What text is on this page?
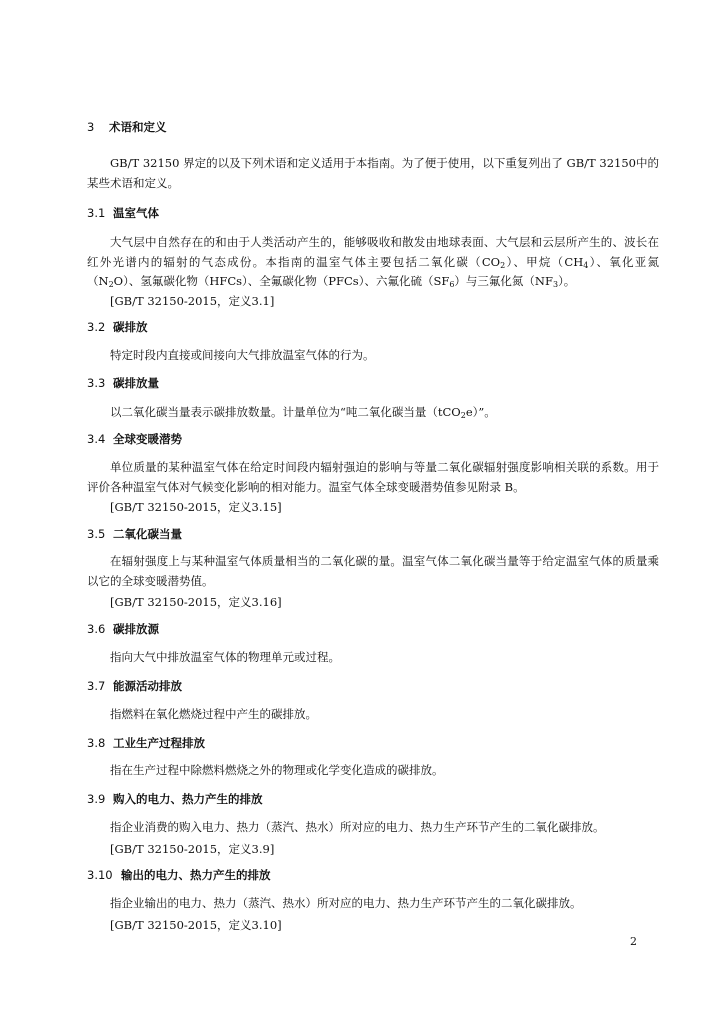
3 术语和定义
GB/T 32150 界定的以及下列术语和定义适用于本指南。为了便于使用，以下重复列出了 GB/T 32150中的某些术语和定义。
3.1 温室气体
大气层中自然存在的和由于人类活动产生的，能够吸收和散发由地球表面、大气层和云层所产生的、波长在红外光谱内的辐射的气态成份。本指南的温室气体主要包括二氧化碳$(CO_2)$、甲烷$(CH_4)$、氧化亚氮$(N_2O)$、氢氟碳化物（HFCs）、全氟碳化物（PFCs）、六氟化硫$(SF_6)$与三氟化氮$(NF_3)$。
[GB/T 32150-2015，定义3.1]
3.2 碳排放
特定时段内直接或间接向大气排放温室气体的行为。
3.3 碳排放量
以二氧化碳当量表示碳排放数量。计量单位为“吨二氧化碳当量（tCO$_2$e）”。
3.4 全球变暖潜势
单位质量的某种温室气体在给定时间段内辐射强迫的影响与等量二氧化碳辐射强度影响相关联的系数。用于评价各种温室气体对气候变化影响的相对能力。温室气体全球变暖潜势值参见附录 B。
[GB/T 32150-2015，定义3.15]
3.5 二氧化碳当量
在辐射强度上与某种温室气体质量相当的二氧化碳的量。温室气体二氧化碳当量等于给定温室气体的质量乘以它的全球变暖潜势值。
[GB/T 32150-2015，定义3.16]
3.6 碳排放源
指向大气中排放温室气体的物理单元或过程。
3.7 能源活动排放
指燃料在氧化燃烧过程中产生的碳排放。
3.8 工业生产过程排放
指在生产过程中除燃料燃烧之外的物理或化学变化造成的碳排放。
3.9 购入的电力、热力产生的排放
指企业消费的购入电力、热力（蒸汽、热水）所对应的电力、热力生产环节产生的二氧化碳排放。
[GB/T 32150-2015，定义3.9]
3.10 输出的电力、热力产生的排放
指企业输出的电力、热力（蒸汽、热水）所对应的电力、热力生产环节产生的二氧化碳排放。
[GB/T 32150-2015，定义3.10]
2
